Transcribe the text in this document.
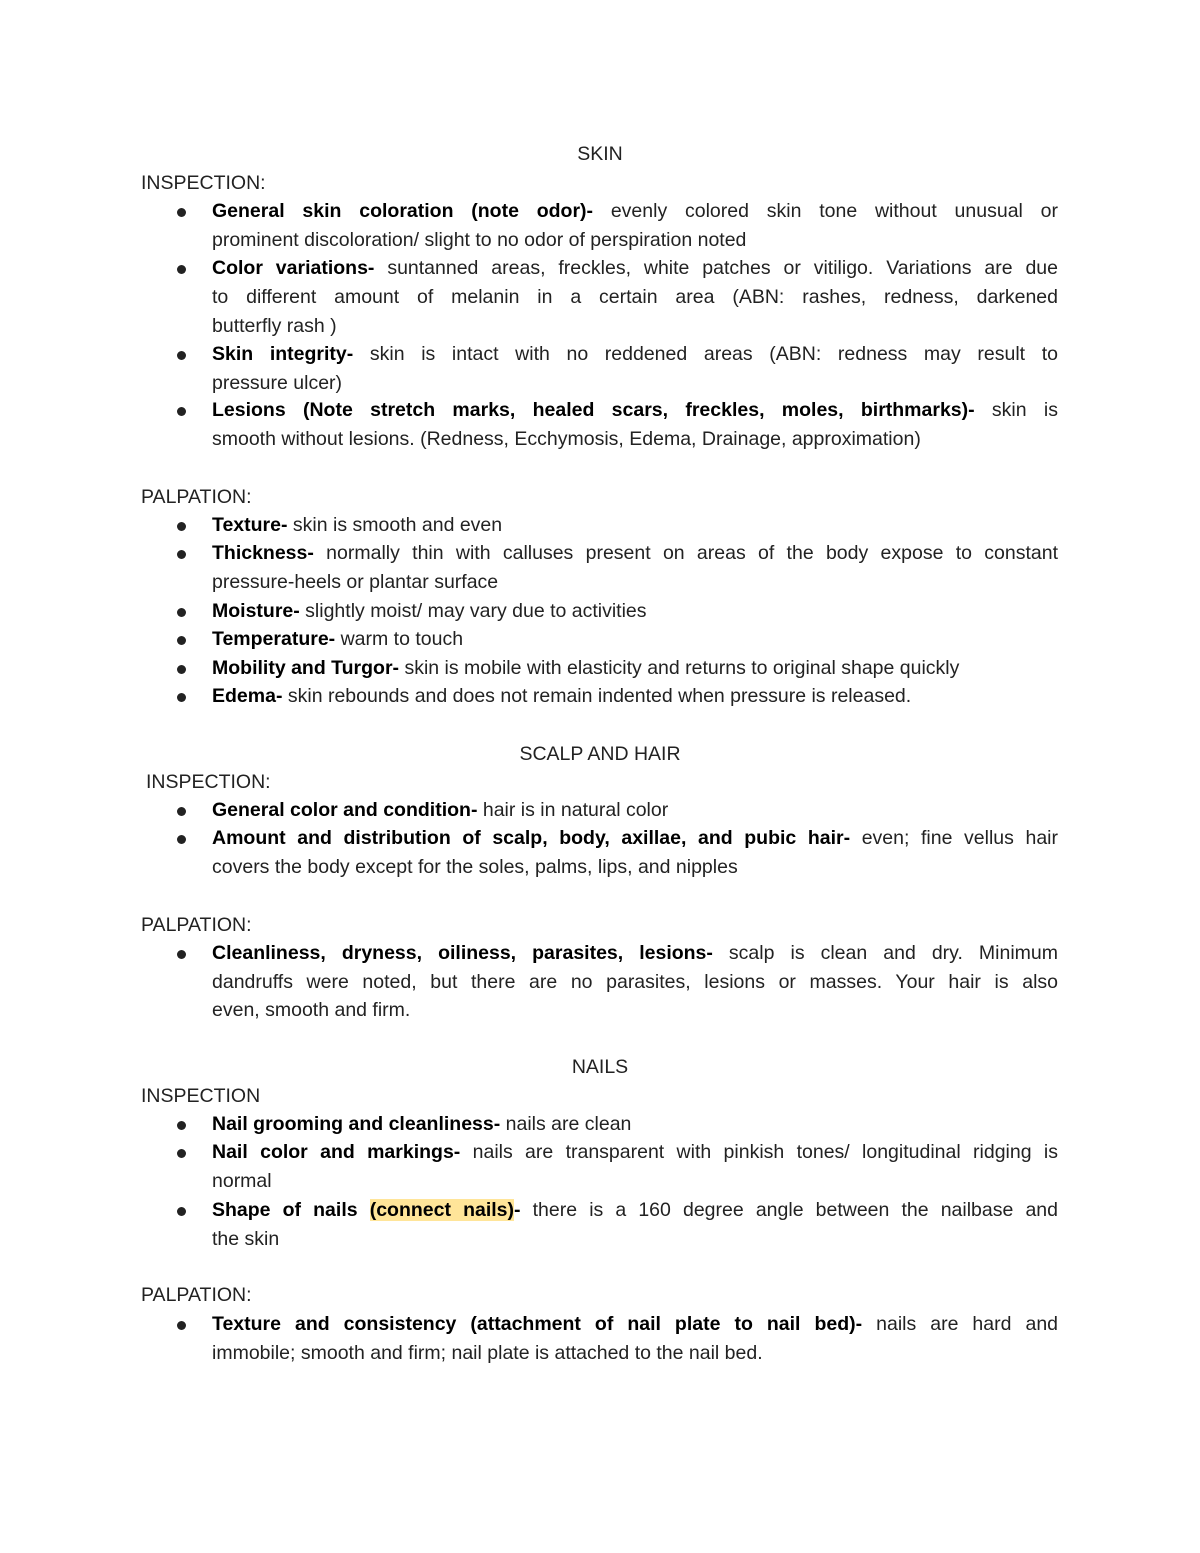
SKIN
INSPECTION:
General skin coloration (note odor)- evenly colored skin tone without unusual or
prominent discoloration/ slight to no odor of perspiration noted
Color variations- suntanned areas, freckles, white patches or vitiligo. Variations are due
to different amount of melanin in a certain area (ABN: rashes, redness, darkened
butterfly rash )
Skin integrity- skin is intact with no reddened areas (ABN: redness may result to
pressure ulcer)
Lesions (Note stretch marks, healed scars, freckles, moles, birthmarks)- skin is
smooth without lesions. (Redness, Ecchymosis, Edema, Drainage, approximation)
PALPATION:
Texture- skin is smooth and even
Thickness- normally thin with calluses present on areas of the body expose to constant
pressure-heels or plantar surface
Moisture- slightly moist/ may vary due to activities
Temperature- warm to touch
Mobility and Turgor- skin is mobile with elasticity and returns to original shape quickly
Edema- skin rebounds and does not remain indented when pressure is released.
SCALP AND HAIR
INSPECTION:
General color and condition- hair is in natural color
Amount and distribution of scalp, body, axillae, and pubic hair- even; fine vellus hair
covers the body except for the soles, palms, lips, and nipples
PALPATION:
Cleanliness, dryness, oiliness, parasites, lesions- scalp is clean and dry. Minimum
dandruffs were noted, but there are no parasites, lesions or masses. Your hair is also
even, smooth and firm.
NAILS
INSPECTION
Nail grooming and cleanliness- nails are clean
Nail color and markings- nails are transparent with pinkish tones/ longitudinal ridging is
normal
Shape of nails (connect nails)- there is a 160 degree angle between the nailbase and
the skin
PALPATION:
Texture and consistency (attachment of nail plate to nail bed)- nails are hard and
immobile; smooth and firm; nail plate is attached to the nail bed.
